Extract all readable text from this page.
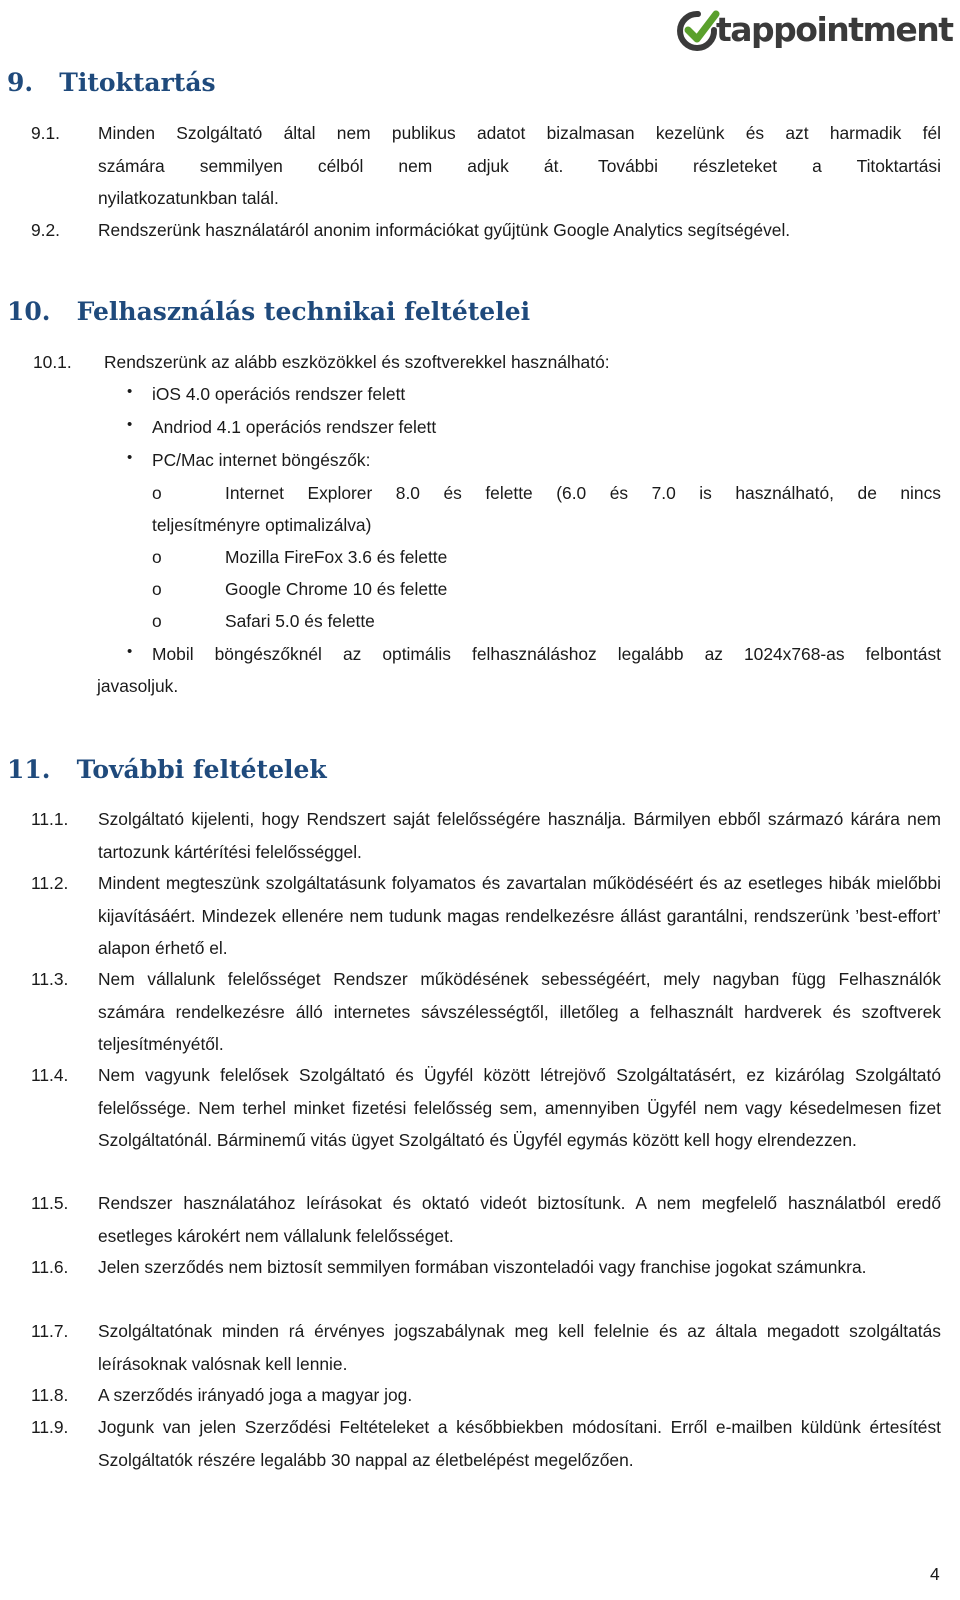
tappointment
9. Titoktartás
9.1. Minden Szolgáltató által nem publikus adatot bizalmasan kezelünk és azt harmadik fél
számára semmilyen célból nem adjuk át. További részleteket a Titoktartási
nyilatkozatunkban talál.
9.2. Rendszerünk használatáról anonim információkat gyűjtünk Google Analytics segítségével.
10. Felhasználás technikai feltételei
10.1. Rendszerünk az alább eszközökkel és szoftverekkel használható:
• iOS 4.0 operációs rendszer felett
• Andriod 4.1 operációs rendszer felett
• PC/Mac internet böngészők:
o	Internet Explorer 8.0 és felette (6.0 és 7.0 is használható, de nincs
teljesítményre optimalizálva)
o	Mozilla FireFox 3.6 és felette
o	Google Chrome 10 és felette
o	Safari 5.0 és felette
• Mobil böngészőknél az optimális felhasználáshoz legalább az 1024x768-as felbontást
javasoljuk.
11. További feltételek
11.1. Szolgáltató kijelenti, hogy Rendszert saját felelősségére használja. Bármilyen ebből származó kárára nem tartozunk kártérítési felelősséggel.
11.2. Mindent megteszünk szolgáltatásunk folyamatos és zavartalan működéséért és az esetleges hibák mielőbbi kijavításáért. Mindezek ellenére nem tudunk magas rendelkezésre állást garantálni, rendszerünk ’best-effort’ alapon érhető el.
11.3. Nem vállalunk felelősséget Rendszer működésének sebességéért, mely nagyban függ Felhasználók számára rendelkezésre álló internetes sávszélességtől, illetőleg a felhasznált hardverek és szoftverek teljesítményétől.
11.4. Nem vagyunk felelősek Szolgáltató és Ügyfél között létrejövő Szolgáltatásért, ez kizárólag Szolgáltató felelőssége. Nem terhel minket fizetési felelősség sem, amennyiben Ügyfél nem vagy késedelmesen fizet Szolgáltatónál. Bárminemű vitás ügyet Szolgáltató és Ügyfél egymás között kell hogy elrendezzen.
11.5. Rendszer használatához leírásokat és oktató videót biztosítunk. A nem megfelelő használatból eredő esetleges károkért nem vállalunk felelősséget.
11.6. Jelen szerződés nem biztosít semmilyen formában viszonteladói vagy franchise jogokat számunkra.
11.7. Szolgáltatónak minden rá érvényes jogszabálynak meg kell felelnie és az általa megadott szolgáltatás leírásoknak valósnak kell lennie.
11.8. A szerződés irányadó joga a magyar jog.
11.9. Jogunk van jelen Szerződési Feltételeket a későbbiekben módosítani. Erről e-mailben küldünk értesítést Szolgáltatók részére legalább 30 nappal az életbelépést megelőzően.
4
